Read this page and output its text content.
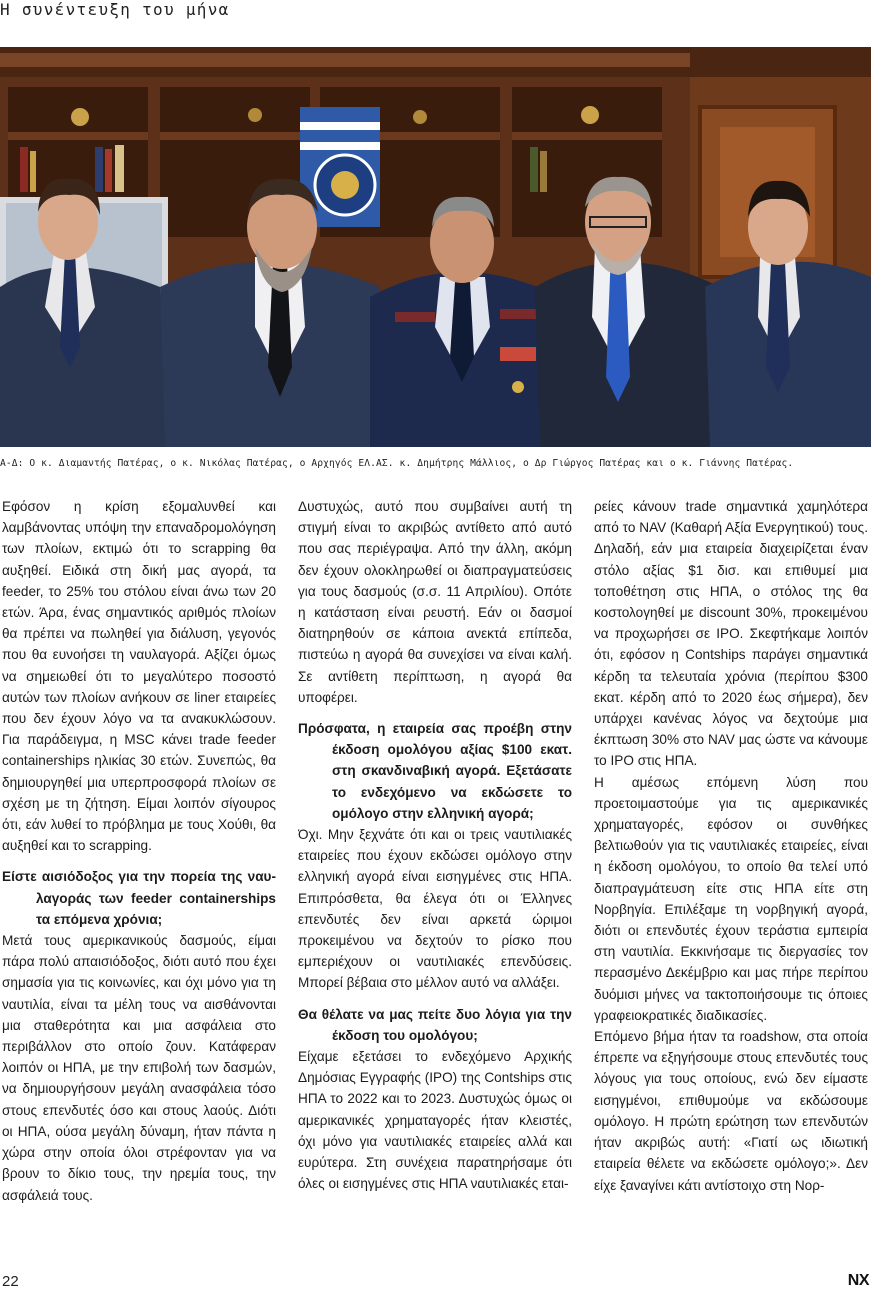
Η συνέντευξη του μήνα
Α-Δ: Ο κ. Διαμαντής Πατέρας, ο κ. Νικόλας Πατέρας, ο Αρχηγός ΕΛ.ΑΣ. κ. Δημήτρης Μάλλιος, ο Δρ Γιώργος Πατέρας και ο κ. Γιάννης Πατέρας.

Εφόσον η κρίση εξομαλυνθεί και λαμβάνοντας υπόψη την επαναδρομολόγηση των πλοίων, εκτιμώ ότι το scrapping θα αυξηθεί. Ειδικά στη δική μας αγορά, τα feeder, το 25% του στόλου είναι άνω των 20 ετών. Άρα, ένας σημαντικός αριθμός πλοίων θα πρέπει να πωληθεί για διάλυση, γεγονός που θα ευνοήσει τη ναυλαγορά. Αξίζει όμως να σημειωθεί ότι το μεγαλύτερο ποσοστό αυτών των πλοίων ανήκουν σε liner εταιρείες που δεν έχουν λόγο να τα ανακυκλώσουν. Για παράδειγμα, η MSC κάνει trade feeder containerships ηλικίας 30 ετών. Συνεπώς, θα δημιουργηθεί μια υπερπροσφορά πλοίων σε σχέση με τη ζήτηση. Είμαι λοιπόν σίγουρος ότι, εάν λυθεί το πρόβλημα με τους Χούθι, θα αυξηθεί και το scrapping.

Είστε αισιόδοξος για την πορεία της ναυ- λαγοράς των feeder containerships τα επόμενα χρόνια;

Μετά τους αμερικανικούς δασμούς, είμαι πάρα πολύ απαισιόδοξος, διότι αυτό που έχει σημασία για τις κοινωνίες, και όχι μόνο για τη ναυτιλία, είναι τα μέλη τους να αισθάνονται μια σταθερότητα και μια ασφάλεια στο περιβάλλον στο οποίο ζουν. Κατάφεραν λοιπόν οι ΗΠΑ, με την επιβολή των δασμών, να δημιουργήσουν μεγάλη ανασφάλεια τόσο στους επενδυτές όσο και στους λαούς. Διότι οι ΗΠΑ, ούσα μεγάλη δύναμη, ήταν πάντα η χώρα στην οποία όλοι στρέφονταν για να βρουν το δίκιο τους, την ηρεμία τους, την ασφάλειά τους.

Δυστυχώς, αυτό που συμβαίνει αυτή τη στιγμή είναι το ακριβώς αντίθετο από αυτό που σας περιέγραψα. Από την άλλη, ακόμη δεν έχουν ολοκληρωθεί οι διαπραγματεύσεις για τους δασμούς (σ.σ. 11 Απριλίου). Οπότε η κατάσταση είναι ρευστή. Εάν οι δασμοί διατηρηθούν σε κάποια ανεκτά επίπεδα, πιστεύω η αγορά θα συνεχίσει να είναι καλή. Σε αντίθετη περίπτωση, η αγορά θα υποφέρει.

Πρόσφατα, η εταιρεία σας προέβη στην έκδοση ομολόγου αξίας $100 εκατ. στη σκανδιναβική αγορά. Εξετάσατε το ενδεχόμενο να εκδώσετε το ομόλογο στην ελληνική αγορά;

Όχι. Μην ξεχνάτε ότι και οι τρεις ναυτιλιακές εταιρείες που έχουν εκδώσει ομόλογο στην ελληνική αγορά είναι εισηγμένες στις ΗΠΑ. Επιπρόσθετα, θα έλεγα ότι οι Έλληνες επενδυτές δεν είναι αρκετά ώριμοι προκειμένου να δεχτούν το ρίσκο που εμπεριέχουν οι ναυτιλιακές επενδύσεις. Μπορεί βέβαια στο μέλλον αυτό να αλλάξει.

Θα θέλατε να μας πείτε δυο λόγια για την έκδοση του ομολόγου;

Είχαμε εξετάσει το ενδεχόμενο Αρχικής Δημόσιας Εγγραφής (IPO) της Contships στις ΗΠΑ το 2022 και το 2023. Δυστυχώς όμως οι αμερικανικές χρηματαγορές ήταν κλειστές, όχι μόνο για ναυτιλιακές εταιρείες αλλά και ευρύτερα. Στη συνέχεια παρατηρήσαμε ότι όλες οι εισηγμένες στις ΗΠΑ ναυτιλιακές εται-

ρείες κάνουν trade σημαντικά χαμηλότερα από το NAV (Καθαρή Αξία Ενεργητικού) τους. Δηλαδή, εάν μια εταιρεία διαχειρίζεται έναν στόλο αξίας $1 δισ. και επιθυμεί μια τοποθέτηση στις ΗΠΑ, ο στόλος της θα κοστολογηθεί με discount 30%, προκειμένου να προχωρήσει σε IPO. Σκεφτήκαμε λοιπόν ότι, εφόσον η Contships παράγει σημαντικά κέρδη τα τελευταία χρόνια (περίπου $300 εκατ. κέρδη από το 2020 έως σήμερα), δεν υπάρχει κανένας λόγος να δεχτούμε μια έκπτωση 30% στο NAV μας ώστε να κάνουμε το IPO στις ΗΠΑ.

Η αμέσως επόμενη λύση που προετοιμαστούμε για τις αμερικανικές χρηματαγορές, εφόσον οι συνθήκες βελτιωθούν για τις ναυτιλιακές εταιρείες, είναι η έκδοση ομολόγου, το οποίο θα τελεί υπό διαπραγμάτευση είτε στις ΗΠΑ είτε στη Νορβηγία. Επιλέξαμε τη νορβηγική αγορά, διότι οι επενδυτές έχουν τεράστια εμπειρία στη ναυτιλία. Εκκινήσαμε τις διεργασίες τον περασμένο Δεκέμβριο και μας πήρε περίπου δυόμισι μήνες να τακτοποιήσουμε τις όποιες γραφειοκρατικές διαδικασίες.

Επόμενο βήμα ήταν τα roadshow, στα οποία έπρεπε να εξηγήσουμε στους επενδυτές τους λόγους για τους οποίους, ενώ δεν είμαστε εισηγμένοι, επιθυμούμε να εκδώσουμε ομόλογο. Η πρώτη ερώτηση των επενδυτών ήταν ακριβώς αυτή: «Γιατί ως ιδιωτική εταιρεία θέλετε να εκδώσετε ομόλογο;». Δεν είχε ξαναγίνει κάτι αντίστοιχο στη Νορ-

22	NX
